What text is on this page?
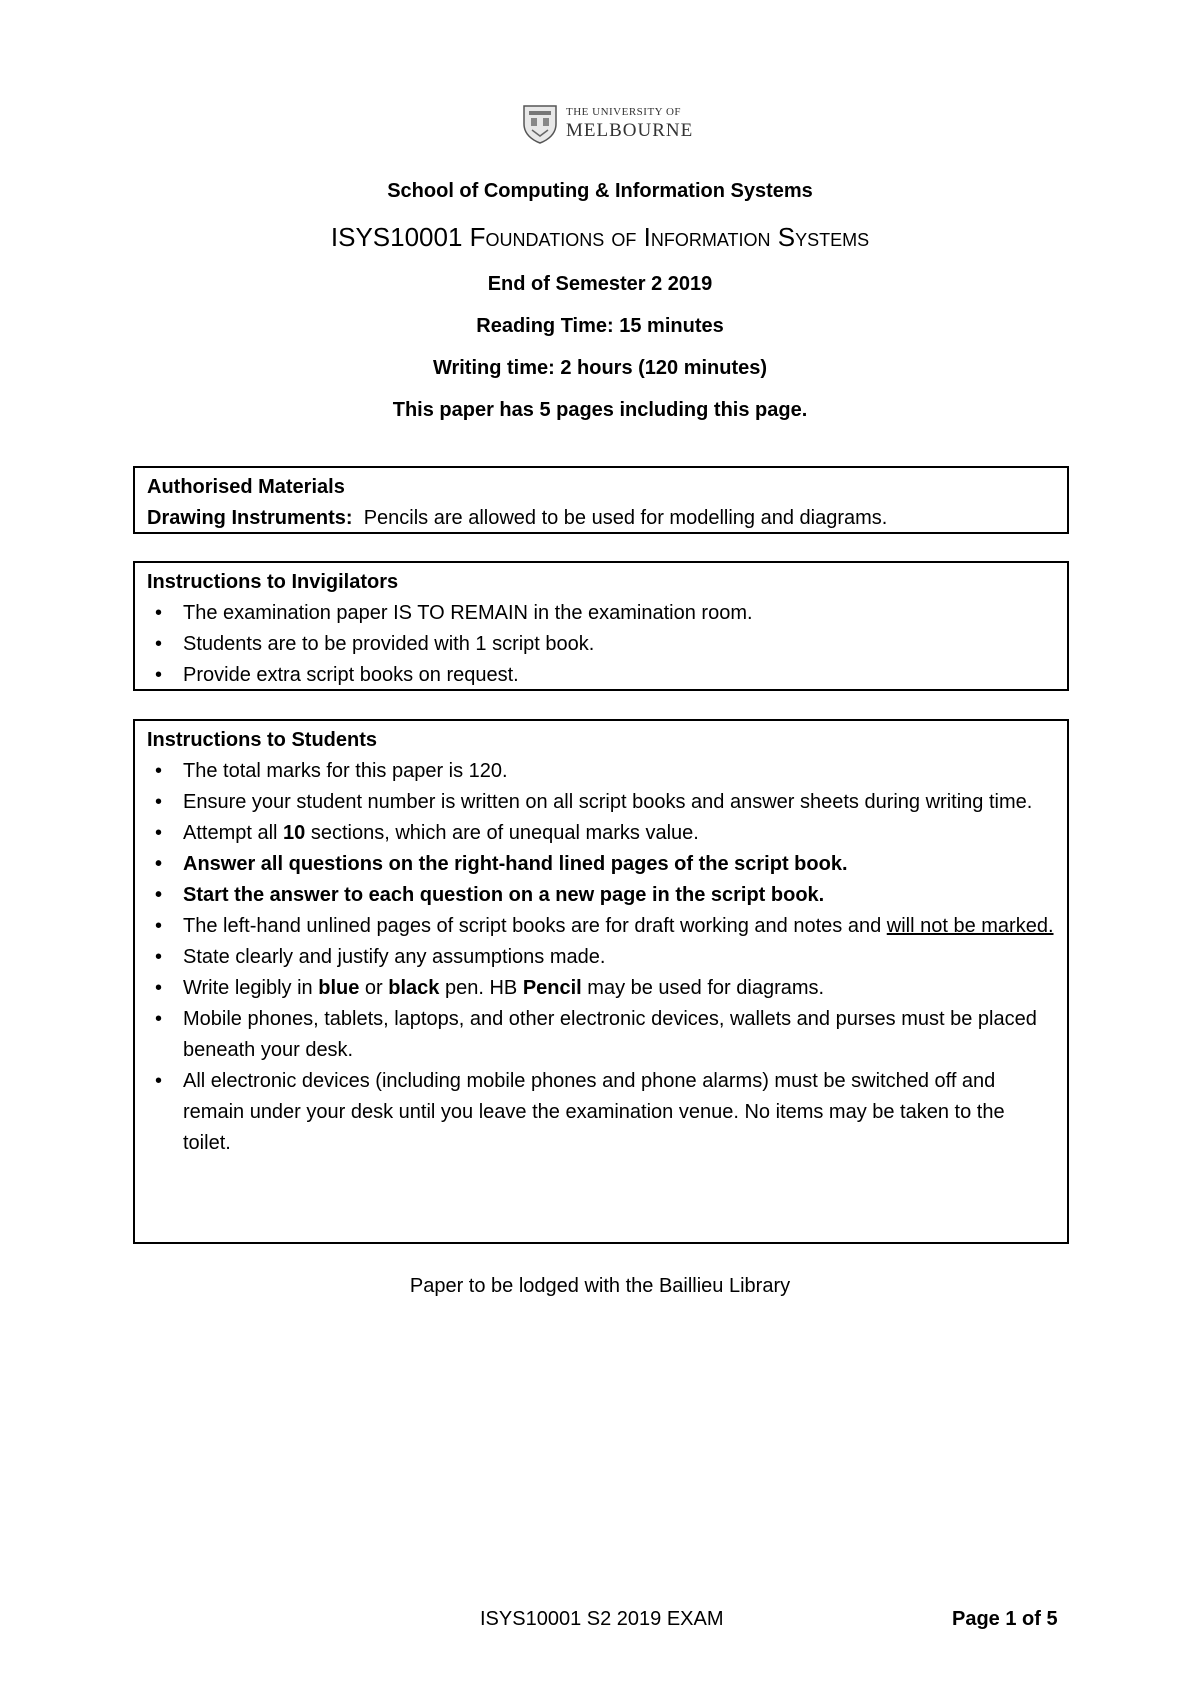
THE UNIVERSITY OF
MELBOURNE
School of Computing & Information Systems
ISYS10001 Foundations of Information Systems
End of Semester 2 2019
Reading Time: 15 minutes
Writing time: 2 hours (120 minutes)
This paper has 5 pages including this page.
Authorised Materials
Drawing Instruments: Pencils are allowed to be used for modelling and diagrams.
Instructions to Invigilators
• The examination paper IS TO REMAIN in the examination room.
• Students are to be provided with 1 script book.
• Provide extra script books on request.
Instructions to Students
• The total marks for this paper is 120.
• Ensure your student number is written on all script books and answer sheets during writing time.
• Attempt all 10 sections, which are of unequal marks value.
• Answer all questions on the right-hand lined pages of the script book.
• Start the answer to each question on a new page in the script book.
• The left-hand unlined pages of script books are for draft working and notes and will not be marked.
• State clearly and justify any assumptions made.
• Write legibly in blue or black pen. HB Pencil may be used for diagrams.
• Mobile phones, tablets, laptops, and other electronic devices, wallets and purses must be placed beneath your desk.
• All electronic devices (including mobile phones and phone alarms) must be switched off and remain under your desk until you leave the examination venue. No items may be taken to the toilet.
Paper to be lodged with the Baillieu Library
ISYS10001 S2 2019 EXAM	Page 1 of 5
